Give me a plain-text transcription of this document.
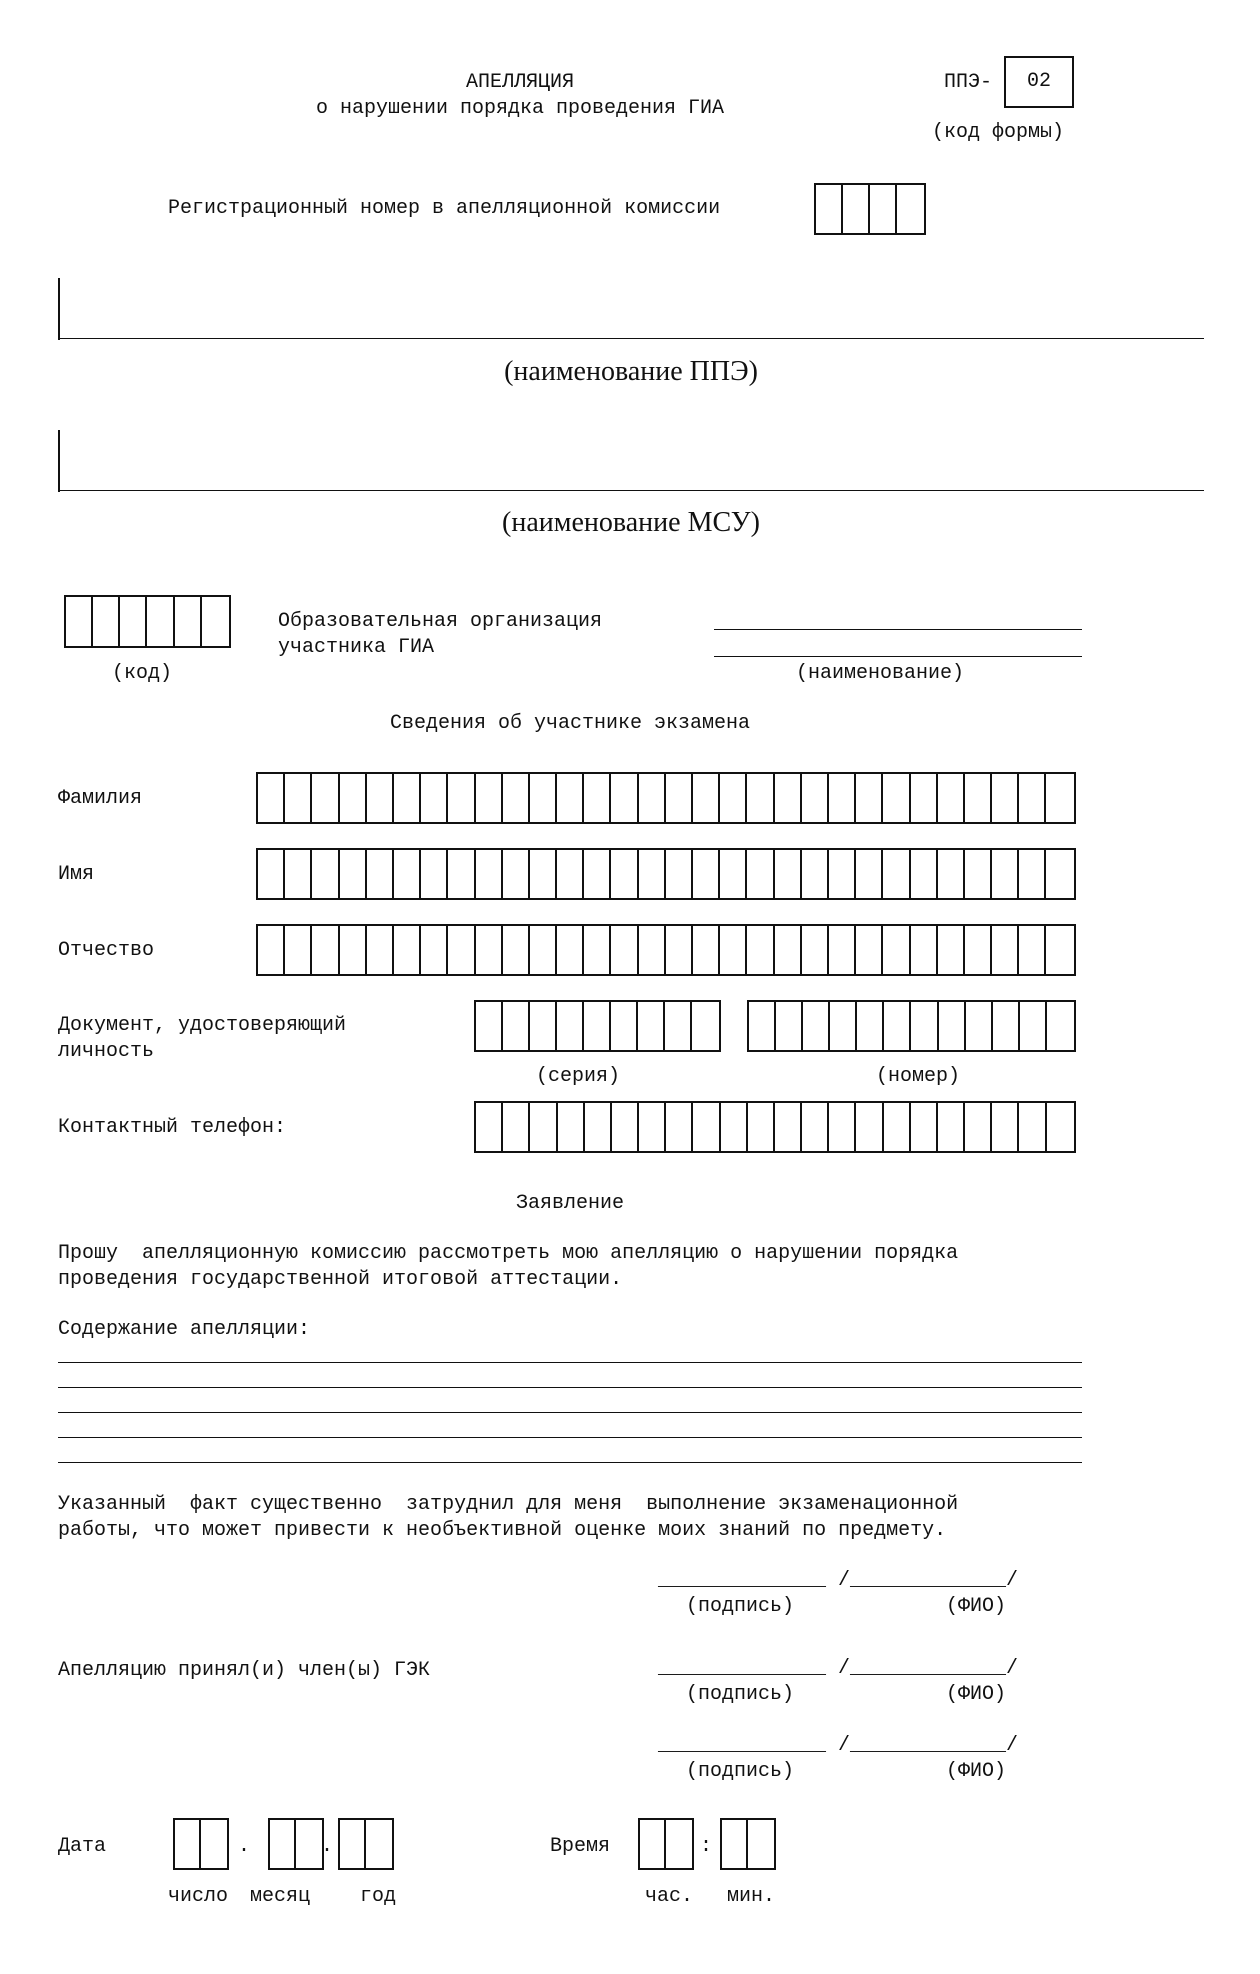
АПЕЛЛЯЦИЯ
о нарушении порядка проведения ГИА
ППЭ-	02
(код формы)
Регистрационный номер в апелляционной комиссии
(наименование ППЭ)
(наименование МСУ)
(код)
Образовательная организация
участника ГИА
(наименование)
Сведения об участнике экзамена
Фамилия
Имя
Отчество
Документ, удостоверяющий
личность
(серия)	(номер)
Контактный телефон:
Заявление
Прошу  апелляционную комиссию рассмотреть мою апелляцию о нарушении порядка
проведения государственной итоговой аттестации.
Содержание апелляции:
Указанный  факт существенно  затруднил для меня  выполнение экзаменационной
работы, что может привести к необъективной оценке моих знаний по предмету.
______________ /_____________/
(подпись)	(ФИО)
Апелляцию принял(и) член(ы) ГЭК	______________ /_____________/
(подпись)	(ФИО)
______________ /_____________/
(подпись)	(ФИО)
Дата	.	.
число месяц год
Время	:
час. мин.
